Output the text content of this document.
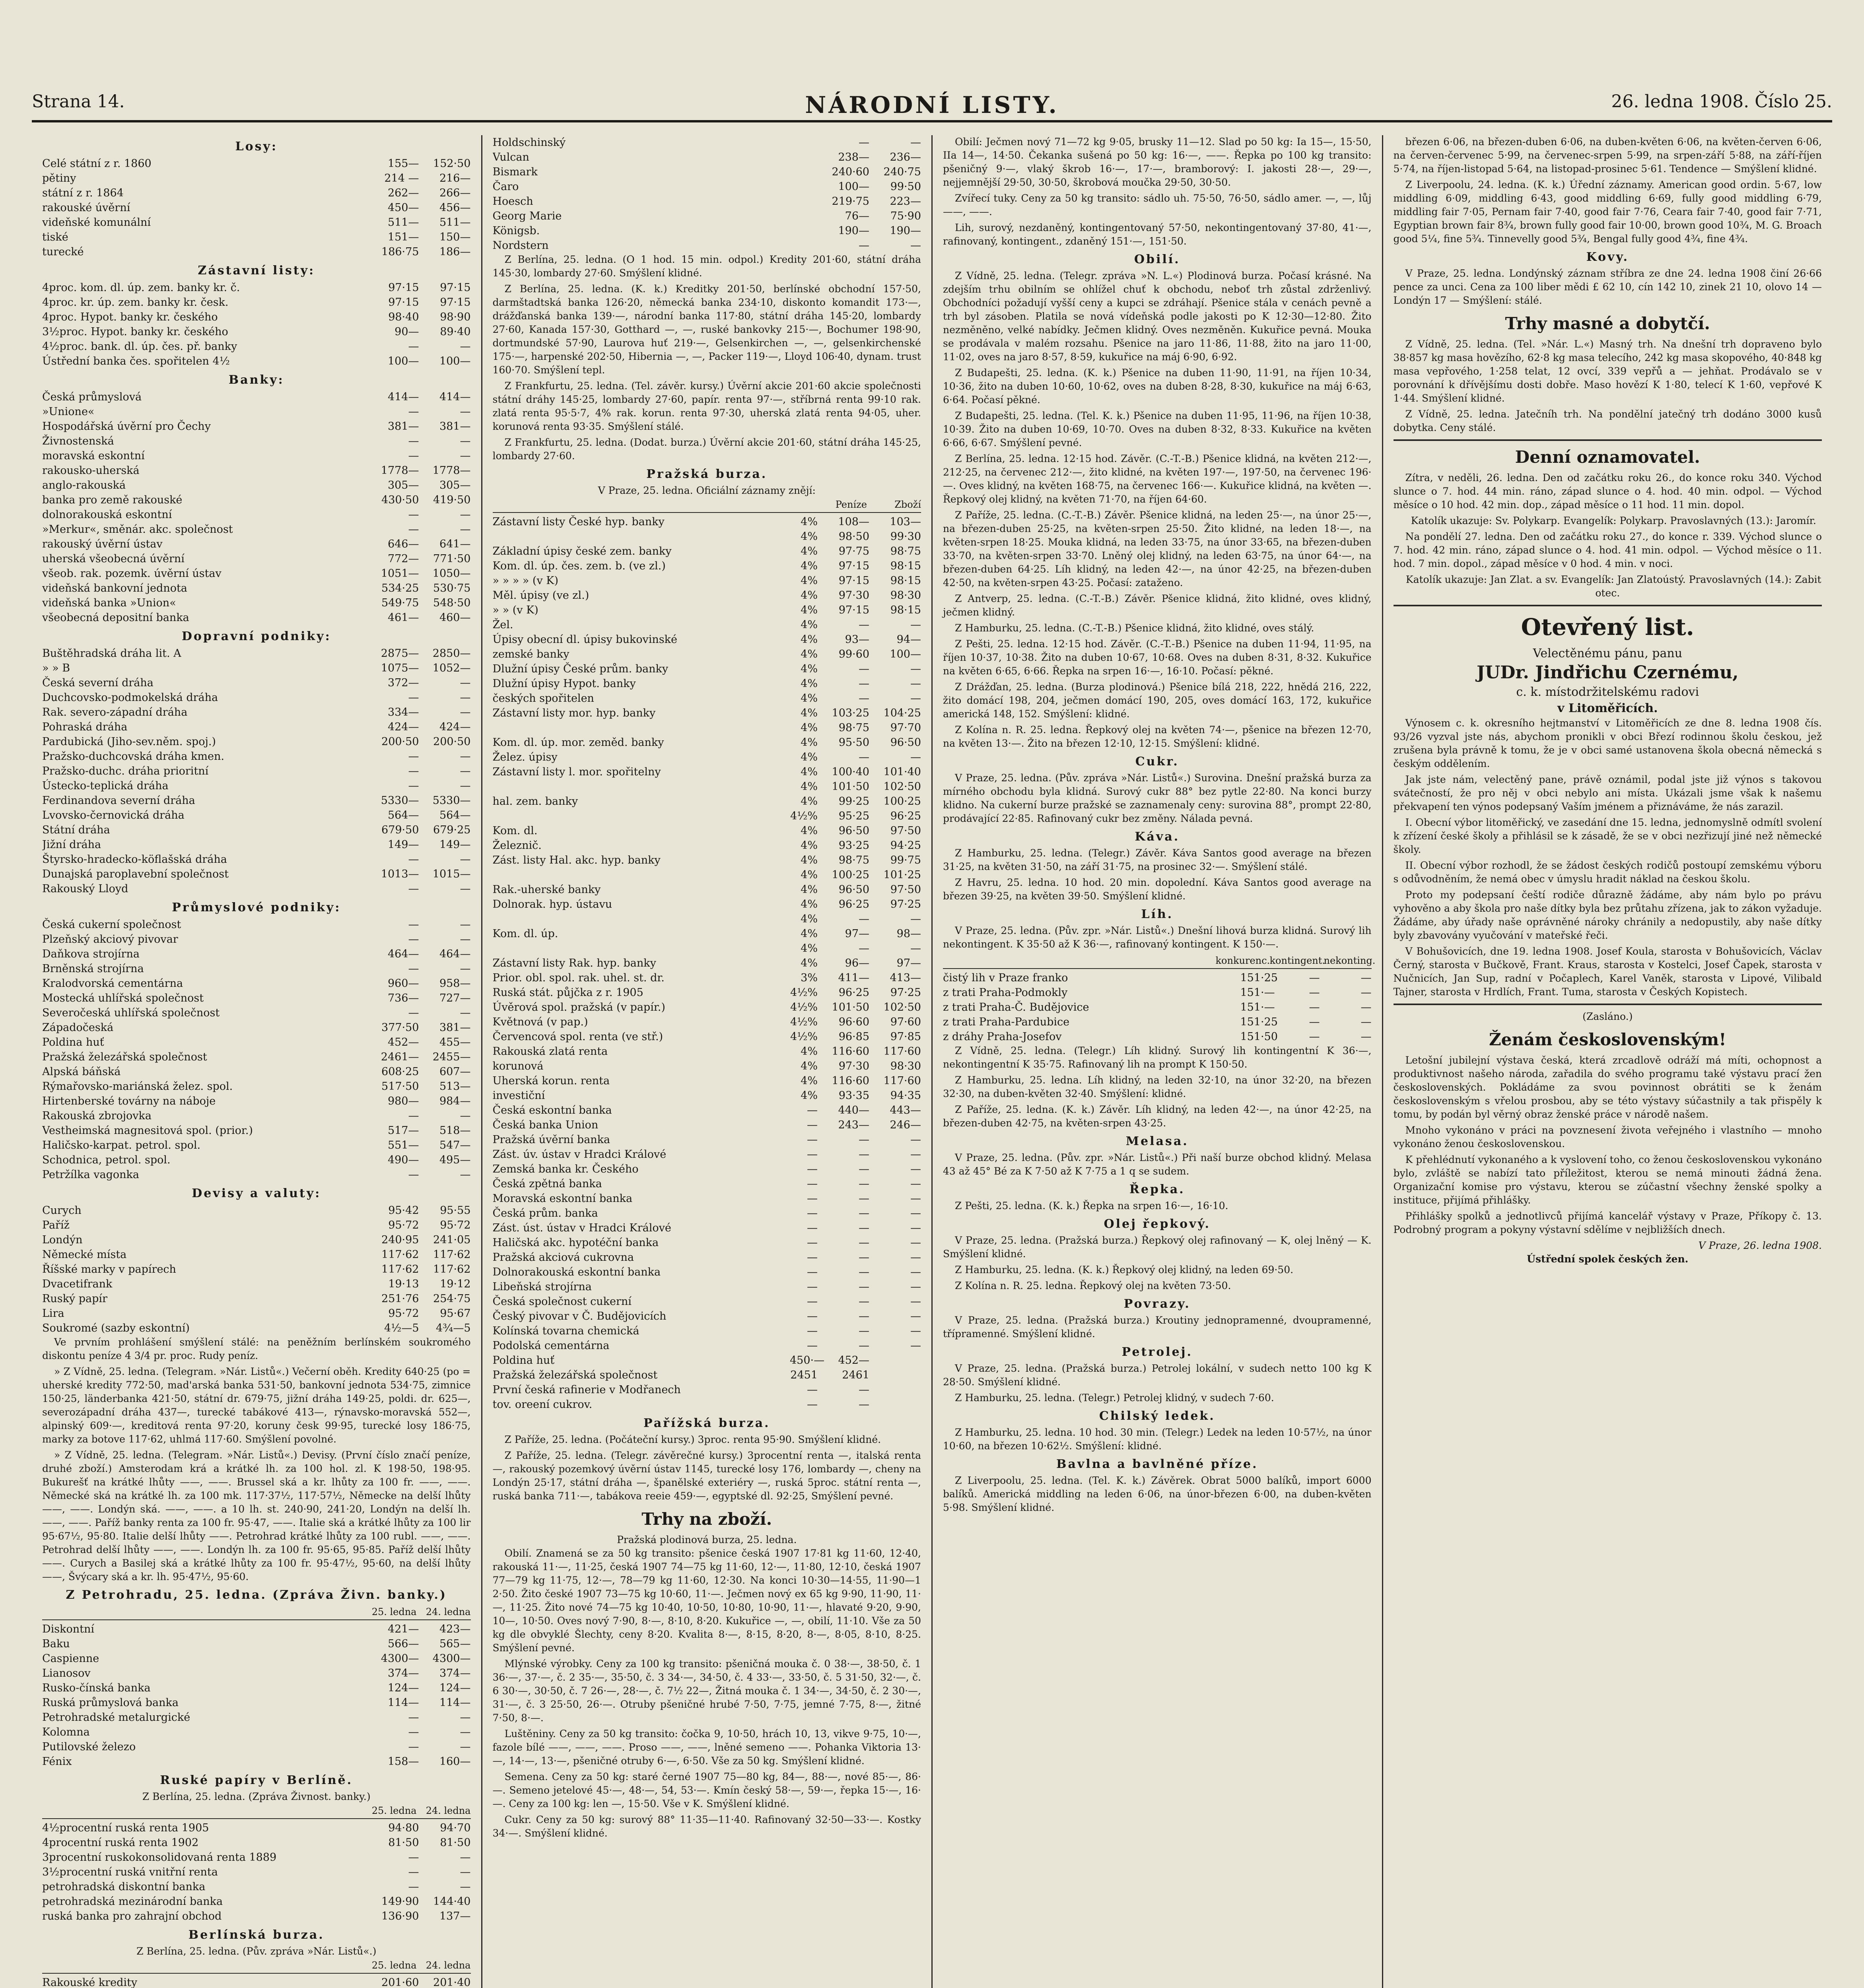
Strana 14.	NÁRODNÍ LISTY.	26. ledna 1908. Číslo 25.
Losy:
Celé státní z r. 1860	155—	152·50
pětiny	214 —	216—
státní z r. 1864	262—	266—
rakouské úvěrní	450—	456—
videňské komunální	511—	511—
tiské	151—	150—
turecké	186·75	186—
Zástavní listy:
4proc. kom. dl. úp. zem. banky kr. č.	97·15	97·15
4proc. kr. úp. zem. banky kr. česk.	97·15	97·15
4proc. Hypot. banky kr. českého	98·40	98·90
3½proc. Hypot. banky kr. českého	90—	89·40
4½proc. bank. dl. úp. čes. př. banky	—	—
Ústřední banka čes. spořitelen 4½	100—	100—
Banky:
Česká průmyslová	414—	414—
»Unione«	—	—
Hospodářská úvěrní pro Čechy	381—	381—
Živnostenská	—	—
moravská eskontní	—	—
rakousko-uherská	1778—	1778—
anglo-rakouská	305—	305—
banka pro země rakouské	430·50	419·50
dolnorakouská eskontní	—	—
»Merkur«, směnár. akc. společnost	—	—
rakouský úvěrní ústav	646—	641—
uherská všeobecná úvěrní	772—	771·50
všeob. rak. pozemk. úvěrní ústav	1051—	1050—
videňská bankovní jednota	534·25	530·75
videňská banka »Union«	549·75	548·50
všeobecná depositní banka	461—	460—
Dopravní podniky:
Buštěhradská dráha lit. A	2875—	2850—
» » B	1075—	1052—
Česká severní dráha	372—	—
Duchcovsko-podmokelská dráha	—	—
Rak. severo-západní dráha	334—	—
Pohraská dráha	424—	424—
Pardubická (Jiho-sev.něm. spoj.)	200·50	200·50
Pražsko-duchcovská dráha kmen.	—	—
Pražsko-duchc. dráha prioritní	—	—
Ústecko-teplická dráha	—	—
Ferdinandova severní dráha	5330—	5330—
Lvovsko-černovická dráha	564—	564—
Státní dráha	679·50	679·25
Jižní dráha	149—	149—
Štyrsko-hradecko-köflašská dráha	—	—
Dunajská paroplavební společnost	1013—	1015—
Rakouský Lloyd	—	—
Průmyslové podniky:
Česká cukerní společnost	—	—
Plzeňský akciový pivovar	—	—
Daňkova strojírna	464—	464—
Brněnská strojírna	—	—
Kralodvorská cementárna	960—	958—
Mostecká uhlířská společnost	736—	727—
Severočeská uhlířská společnost	—	—
Západočeská	377·50	381—
Poldina huť	452—	455—
Pražská železářská společnost	2461—	2455—
Alpská báňská	608·25	607—
Rýmařovsko-mariánská želez. spol.	517·50	513—
Hirtenberské továrny na náboje	980—	984—
Rakouská zbrojovka	—	—
Vestheimská magnesitová spol. (prior.)	517—	518—
Haličsko-karpat. petrol. spol.	551—	547—
Schodnica, petrol. spol.	490—	495—
Petržílka vagonka	—	—
Devisy a valuty:
Curych	95·42	95·55
Paříž	95·72	95·72
Londýn	240·95	241·05
Německé místa	117·62	117·62
Říšské marky v papírech	117·62	117·62
Dvacetifrank	19·13	19·12
Ruský papír	251·76	254·75
Lira	95·72	95·67
Soukromé (sazby eskontní)	4½—5	4¾—5

Ve prvním prohlášení smýšlení stálé: na peněžním berlínském soukromého diskontu peníze 4 3/4 pr. proc. Rudy peníz.

» Z Vídně, 25. ledna. (Telegram. »Nár. Listů«.) Večerní oběh. Kredity 640·25 (po = uherské kredity 772·50, mad'arská banka 531·50, bankovní jednota 534·75, zimnice 150·25, länderbanka 421·50, státní dr. 679·75, jižní dráha 149·25, poldi. dr. 625—, severozápadní dráha 437—, turecké tabákové 413—, rýnavsko-moravská 552—, alpinský 609·—, kreditová renta 97·20, koruny česk 99·95, turecké losy 186·75, marky za botove 117·62, uhlmá 117·60. Smýšlení povolné.

» Z Vídně, 25. ledna. (Telegram. »Nár. Listů«.) Devisy. (První číslo značí peníze, druhé zboží.) Amsterodam krá a krátké lh. za 100 hol. zl. K 198·50, 198·95. Bukurešť na krátké lhůty ——, ——. Brussel ská a kr. lhůty za 100 fr. ——, ——. Německé ská na krátké lh. za 100 mk. 117·37½, 117·57½, Německe na delší lhůty ——, ——. Londýn ská. ——, ——. a 10 lh. st. 240·90, 241·20, Londýn na delší lh. ——, ——. Paříž banky renta za 100 fr. 95·47, ——. Italie ská a krátké lhůty za 100 lir 95·67½, 95·80. Italie delší lhůty ——. Petrohrad krátké lhůty za 100 rubl. ——, ——. Petrohrad delší lhůty ——, ——. Londýn lh. za 100 fr. 95·65, 95·85. Paříž delší lhůty ——. Curych a Basilej ská a krátké lhůty za 100 fr. 95·47½, 95·60, na delší lhůty ——, Švýcary ská a kr. lh. 95·47½, 95·60.

Z Petrohradu, 25. ledna. (Zpráva Živn. banky.)
25. ledna 24. ledna
Diskontní	421—	423—
Baku	566—	565—
Caspienne	4300—	4300—
Lianosov	374—	374—
Rusko-čínská banka	124—	124—
Ruská průmyslová banka	114—	114—
Petrohradské metalurgické	—	—
Kolomna	—	—
Putilovské železo	—	—
Fénix	158—	160—
Ruské papíry v Berlíně.
Z Berlína, 25. ledna. (Zpráva Živnost. banky.)
25. ledna 24. ledna
4½procentní ruská renta 1905	94·80	94·70
4procentní ruská renta 1902	81·50	81·50
3procentní ruskokonsolidovaná renta 1889	—	—
3½procentní ruská vnitřní renta	—	—
petrohradská diskontní banka	—	—
petrohradská mezinárodní banka	149·90	144·40
ruská banka pro zahrajní obchod	136·90	137—
Berlínská burza.
Z Berlína, 25. ledna. (Pův. zpráva »Nár. Listů«.)
25. ledna 24. ledna
Rakouské kredity	201·60	201·40
Holdschinský	—	—
Vulcan	238—	236—
Bismark	240·60	240·75
Čaro	100—	99·50
Hoesch	219·75	223—
Georg Marie	76—	75·90
Königsb.	190—	190—
Nordstern	—	—

Z Berlína, 25. ledna. (O 1 hod. 15 min. odpol.) Kredity 201·60, státní dráha 145·30, lombardy 27·60. Smýšlení klidné.

Z Berlína, 25. ledna. (K. k.) Kreditky 201·50, berlínské obchodní 157·50, darmštadtská banka 126·20, německá banka 234·10, diskonto komandit 173·—, drážďanská banka 139·—, národní banka 117·80, státní dráha 145·20, lombardy 27·60, Kanada 157·30, Gotthard —, —, ruské bankovky 215·—, Bochumer 198·90, dortmundské 57·90, Laurova huť 219·—, Gelsenkirchen —, —, gelsenkirchenské 175·—, harpenské 202·50, Hibernia —, —, Packer 119·—, Lloyd 106·40, dynam. trust 160·70. Smýšlení tepl.

Z Frankfurtu, 25. ledna. (Tel. závěr. kursy.) Úvěrní akcie 201·60 akcie společnosti státní dráhy 145·25, lombardy 27·60, papír. renta 97·—, stříbrná renta 99·10 rak. zlatá renta 95·5·7, 4% rak. korun. renta 97·30, uherská zlatá renta 94·05, uher. korunová renta 93·35. Smýšlení stálé.

Z Frankfurtu, 25. ledna. (Dodat. burza.) Úvěrní akcie 201·60, státní dráha 145·25, lombardy 27·60.

Pražská burza.
V Praze, 25. ledna. Oficiální záznamy znějí:
Peníze	Zboží
Zástavní listy České hyp. banky	4%	108—	103—
4%	98·50	99·30
Základní úpisy české zem. banky	4%	97·75	98·75
Kom. dl. úp. čes. zem. b. (ve zl.)	4%	97·15	98·15
» » » » (v K)	4%	97·15	98·15
Měl. úpisy (ve zl.)	4%	97·30	98·30
» » (v K)	4%	97·15	98·15
Žel.	4%	—	—
Úpisy obecní dl. úpisy bukovinské	4%	93—	94—
zemské banky	4%	99·60	100—
Dlužní úpisy České prům. banky	4%	—	—
Dlužní úpisy Hypot. banky	4%	—	—
českých spořitelen	4%	—	—
Zástavní listy mor. hyp. banky	4%	103·25	104·25
4%	98·75	97·70
Kom. dl. úp. mor. zeměd. banky	4%	95·50	96·50
Želez. úpisy	4%	—	—
Zástavní listy l. mor. spořitelny	4%	100·40	101·40
4%	101·50	102·50
hal. zem. banky	4%	99·25	100·25
4½%	95·25	96·25
Kom. dl.	4%	96·50	97·50
Železnič.	4%	93·25	94·25
Zást. listy Hal. akc. hyp. banky	4%	98·75	99·75
4%	100·25	101·25
Rak.-uherské banky	4%	96·50	97·50
Dolnorak. hyp. ústavu	4%	96·25	97·25
4%	—	—
Kom. dl. úp.	4%	97—	98—
4%	—	—
Zástavní listy Rak. hyp. banky	4%	96—	97—
Prior. obl. spol. rak. uhel. st. dr.	3%	411—	413—
Ruská stát. půjčka z r. 1905	4½%	96·25	97·25
Úvěrová spol. pražská (v papír.)	4½%	101·50	102·50
Květnová (v pap.)	4½%	96·60	97·60
Červencová spol. renta (ve stř.)	4½%	96·85	97·85
Rakouská zlatá renta	4%	116·60	117·60
korunová	4%	97·30	98·30
Uherská korun. renta	4%	116·60	117·60
investiční	4%	93·35	94·35
Česká eskontní banka	—	440—	443—
Česká banka Union	—	243—	246—
Pražská úvěrní banka	—	—	—
Zást. úv. ústav v Hradci Králové	—	—	—
Zemská banka kr. Českého	—	—	—
Česká zpětná banka	—	—	—
Moravská eskontní banka	—	—	—
Česká prům. banka	—	—	—
Zást. úst. ústav v Hradci Králové	—	—	—
Haličská akc. hypotéční banka	—	—	—
Pražská akciová cukrovna	—	—	—
Dolnorakouská eskontní banka	—	—	—
Libeňská strojírna	—	—	—
Česká společnost cukerní	—	—	—
Český pivovar v Č. Budějovicích	—	—	—
Kolínská tovarna chemická	—	—	—
Podolská cementárna	—	—	—
Poldina huť	450·—	452—
Pražská železářská společnost	2451	2461
První česká rafinerie v Modřanech	—	—
tov. oreení cukrov.	—	—
Pařížská burza.

Z Paříže, 25. ledna. (Počáteční kursy.) 3proc. renta 95·90. Smýšlení klidné.

Z Paříže, 25. ledna. (Telegr. závěrečné kursy.) 3procentní renta —, italská renta —, rakouský pozemkový úvěrní ústav 1145, turecké losy 176, lombardy —, cheny na Londýn 25·17, státní dráha —, španělské exteriéry —, ruská 5proc. státní renta —, ruská banka 711·—, tabákova reeie 459·—, egyptské dl. 92·25, Smýšlení pevné.

Trhy na zboží.
Pražská plodinová burza, 25. ledna.

Obilí. Znamená se za 50 kg transito: pšenice česká 1907 17·81 kg 11·60, 12·40, rakouská 11·—, 11·25, česká 1907 74—75 kg 11·60, 12·—, 11·80, 12·10, česká 1907 77—79 kg 11·75, 12·—, 78—79 kg 11·60, 12·30. Na konci 10·30—14·55, 11·90—1 2·50. Žito české 1907 73—75 kg 10·60, 11·—. Ječmen nový ex 65 kg 9·90, 11·90, 11·—, 11·25. Žito nové 74—75 kg 10·40, 10·50, 10·80, 10·90, 11·—, hlavaté 9·20, 9·90, 10—, 10·50. Oves nový 7·90, 8·—, 8·10, 8·20. Kukuřice —, —, obilí, 11·10. Vše za 50 kg dle obvyklé Šlechty, ceny 8·20. Kvalita 8·—, 8·15, 8·20, 8·—, 8·05, 8·10, 8·25. Smýšlení pevné.

Mlýnské výrobky. Ceny za 100 kg transito: pšeničná mouka č. 0 38·—, 38·50, č. 1 36·—, 37·—, č. 2 35·—, 35·50, č. 3 34·—, 34·50, č. 4 33·—, 33·50, č. 5 31·50, 32·—, č. 6 30·—, 30·50, č. 7 26·—, 28·—, č. 7½ 22—, Žitná mouka č. 1 34·—, 34·50, č. 2 30·—, 31·—, č. 3 25·50, 26·—. Otruby pšeničné hrubé 7·50, 7·75, jemné 7·75, 8·—, žitné 7·50, 8·—.

Luštěniny. Ceny za 50 kg transito: čočka 9, 10·50, hrách 10, 13, vikve 9·75, 10·—, fazole bílé ——, ——, ——. Proso ——, ——, lněné semeno ——. Pohanka Viktoria 13·—, 14·—, 13·—, pšeničné otruby 6·—, 6·50. Vše za 50 kg. Smýšlení klidné.

Semena. Ceny za 50 kg: staré černé 1907 75—80 kg, 84—, 88·—, nové 85·—, 86·—. Semeno jetelové 45·—, 48·—, 54, 53·—. Kmín český 58·—, 59·—, řepka 15·—, 16·—. Ceny za 100 kg: len —, 15·50. Vše v K. Smýšlení klidné.

Cukr. Ceny za 50 kg: surový 88° 11·35—11·40. Rafinovaný 32·50—33·—. Kostky 34·—. Smýšlení klidné.

Obilí: Ječmen nový 71—72 kg 9·05, brusky 11—12. Slad po 50 kg: Ia 15—, 15·50, IIa 14—, 14·50. Čekanka sušená po 50 kg: 16·—, ——. Řepka po 100 kg transito: pšeničný 9·—, vlaký škrob 16·—, 17·—, bramborový: I. jakosti 28·—, 29·—, nejjemnější 29·50, 30·50, škrobová moučka 29·50, 30·50.

Zvířecí tuky. Ceny za 50 kg transito: sádlo uh. 75·50, 76·50, sádlo amer. —, —, lůj ——, ——.

Lih, surový, nezdaněný, kontingentovaný 57·50, nekontingentovaný 37·80, 41·—, rafinovaný, kontingent., zdaněný 151·—, 151·50.

Obilí.

Z Vídně, 25. ledna. (Telegr. zpráva »N. L.«) Plodinová burza. Počasí krásné. Na zdejším trhu obilním se ohlížel chuť k obchodu, neboť trh zůstal zdrženlivý. Obchodníci požadují vyšší ceny a kupci se zdráhají. Pšenice stála v cenách pevně a trh byl zásoben. Platila se nová vídeňská podle jakosti po K 12·30—12·80. Žito nezměněno, velké nabídky. Ječmen klidný. Oves nezměněn. Kukuřice pevná. Mouka se prodávala v malém rozsahu. Pšenice na jaro 11·86, 11·88, žito na jaro 11·00, 11·02, oves na jaro 8·57, 8·59, kukuřice na máj 6·90, 6·92.

Z Budapešti, 25. ledna. (K. k.) Pšenice na duben 11·90, 11·91, na říjen 10·34, 10·36, žito na duben 10·60, 10·62, oves na duben 8·28, 8·30, kukuřice na máj 6·63, 6·64. Počasí pěkné.

Z Budapešti, 25. ledna. (Tel. K. k.) Pšenice na duben 11·95, 11·96, na říjen 10·38, 10·39. Žito na duben 10·69, 10·70. Oves na duben 8·32, 8·33. Kukuřice na květen 6·66, 6·67. Smýšlení pevné.

Z Berlína, 25. ledna. 12·15 hod. Závěr. (C.-T.-B.) Pšenice klidná, na květen 212·—, 212·25, na červenec 212·—, žito klidné, na květen 197·—, 197·50, na červenec 196·—. Oves klidný, na květen 168·75, na červenec 166·—. Kukuřice klidná, na květen —. Řepkový olej klidný, na květen 71·70, na říjen 64·60.

Z Paříže, 25. ledna. (C.-T.-B.) Závěr. Pšenice klidná, na leden 25·—, na únor 25·—, na březen-duben 25·25, na květen-srpen 25·50. Žito klidné, na leden 18·—, na květen-srpen 18·25. Mouka klidná, na leden 33·75, na únor 33·65, na březen-duben 33·70, na květen-srpen 33·70. Lněný olej klidný, na leden 63·75, na únor 64·—, na březen-duben 64·25. Líh klidný, na leden 42·—, na únor 42·25, na březen-duben 42·50, na květen-srpen 43·25. Počasí: zataženo.

Z Antverp, 25. ledna. (C.-T.-B.) Závěr. Pšenice klidná, žito klidné, oves klidný, ječmen klidný.

Z Hamburku, 25. ledna. (C.-T.-B.) Pšenice klidná, žito klidné, oves stálý.

Z Pešti, 25. ledna. 12·15 hod. Závěr. (C.-T.-B.) Pšenice na duben 11·94, 11·95, na říjen 10·37, 10·38. Žito na duben 10·67, 10·68. Oves na duben 8·31, 8·32. Kukuřice na květen 6·65, 6·66. Řepka na srpen 16·—, 16·10. Počasí: pěkné.

Z Drážďan, 25. ledna. (Burza plodinová.) Pšenice bílá 218, 222, hnědá 216, 222, žito domácí 198, 204, ječmen domácí 190, 205, oves domácí 163, 172, kukuřice americká 148, 152. Smýšlení: klidné.

Z Kolína n. R. 25. ledna. Řepkový olej na květen 74·—, pšenice na březen 12·70, na květen 13·—. Žito na březen 12·10, 12·15. Smýšlení: klidné.

Cukr.

V Praze, 25. ledna. (Pův. zpráva »Nár. Listů«.) Surovina. Dnešní pražská burza za mírného obchodu byla klidná. Surový cukr 88° bez pytle 22·80. Na konci burzy klidno. Na cukerní burze pražské se zaznamenaly ceny: surovina 88°, prompt 22·80, prodávající 22·85. Rafinovaný cukr bez změny. Nálada pevná.

Káva.

Z Hamburku, 25. ledna. (Telegr.) Závěr. Káva Santos good average na březen 31·25, na květen 31·50, na září 31·75, na prosinec 32·—. Smýšlení stálé.

Z Havru, 25. ledna. 10 hod. 20 min. dopolední. Káva Santos good average na březen 39·25, na květen 39·50. Smýšlení klidné.

Líh.

V Praze, 25. ledna. (Pův. zpr. »Nár. Listů«.) Dnešní lihová burza klidná. Surový lih nekontingent. K 35·50 až K 36·—, rafinovaný kontingent. K 150·—.

konkurenc. kontingent.
nekonting.
čistý lih v Praze franko	151·25	—	—
z trati Praha-Podmokly	151·—	—	—
z trati Praha-Č. Budějovice	151·—	—	—
z trati Praha-Pardubice	151·25	—	—
z dráhy Praha-Josefov	151·50	—	—

Z Vídně, 25. ledna. (Telegr.) Líh klidný. Surový lih kontingentní K 36·—, nekontingentní K 35·75. Rafinovaný lih na prompt K 150·50.

Z Hamburku, 25. ledna. Líh klidný, na leden 32·10, na únor 32·20, na březen 32·30, na duben-květen 32·40. Smýšlení: klidné.

Z Paříže, 25. ledna. (K. k.) Závěr. Líh klidný, na leden 42·—, na únor 42·25, na březen-duben 42·75, na květen-srpen 43·25.

Melasa.

V Praze, 25. ledna. (Pův. zpr. »Nár. Listů«.) Při naší burze obchod klidný. Melasa 43 až 45° Bé za K 7·50 až K 7·75 a 1 q se sudem.

Řepka.

Z Pešti, 25. ledna. (K. k.) Řepka na srpen 16·—, 16·10.

Olej řepkový.

V Praze, 25. ledna. (Pražská burza.) Řepkový olej rafinovaný — K, olej lněný — K. Smýšlení klidné.

Z Hamburku, 25. ledna. (K. k.) Řepkový olej klidný, na leden 69·50.

Z Kolína n. R. 25. ledna. Řepkový olej na květen 73·50.

Povrazy.

V Praze, 25. ledna. (Pražská burza.) Kroutiny jednopramenné, dvoupramenné, třípramenné. Smýšlení klidné.

Petrolej.

V Praze, 25. ledna. (Pražská burza.) Petrolej lokální, v sudech netto 100 kg K 28·50. Smýšlení klidné.

Z Hamburku, 25. ledna. (Telegr.) Petrolej klidný, v sudech 7·60.

Chilský ledek.

Z Hamburku, 25. ledna. 10 hod. 30 min. (Telegr.) Ledek na leden 10·57½, na únor 10·60, na březen 10·62½. Smýšlení: klidné.

Bavlna a bavlněné příze.

Z Liverpoolu, 25. ledna. (Tel. K. k.) Závěrek. Obrat 5000 balíků, import 6000 balíků. Americká middling na leden 6·06, na únor-březen 6·00, na duben-květen 5·98. Smýšlení klidné.

březen 6·06, na březen-duben 6·06, na duben-květen 6·06, na květen-červen 6·06, na červen-červenec 5·99, na červenec-srpen 5·99, na srpen-září 5·88, na září-říjen 5·74, na říjen-listopad 5·64, na listopad-prosinec 5·61. Tendence — Smýšlení klidné.

Z Liverpoolu, 24. ledna. (K. k.) Úřední záznamy. American good ordin. 5·67, low middling 6·09, middling 6·43, good middling 6·69, fully good middling 6·79, middling fair 7·05, Pernam fair 7·40, good fair 7·76, Ceara fair 7·40, good fair 7·71, Egyptian brown fair 8¾, brown fully good fair 10·00, brown good 10¾, M. G. Broach good 5¼, fine 5¾. Tinnevelly good 5¾, Bengal fully good 4¾, fine 4¾.

Kovy.

V Praze, 25. ledna. Londýnský záznam stříbra ze dne 24. ledna 1908 činí 26·66 pence za unci. Cena za 100 liber mědi £ 62 10, cín 142 10, zinek 21 10, olovo 14 — Londýn 17 — Smýšlení: stálé.

Trhy masné a dobytčí.

Z Vídně, 25. ledna. (Tel. »Nár. L.«) Masný trh. Na dnešní trh dopraveno bylo 38·857 kg masa hovězího, 62·8 kg masa telecího, 242 kg masa skopového, 40·848 kg masa vepřového, 1·258 telat, 12 ovcí, 339 vepřů a — jehňat. Prodávalo se v porovnání k dřívějšímu dosti dobře. Maso hovězí K 1·80, telecí K 1·60, vepřové K 1·44. Smýšlení klidné.

Z Vídně, 25. ledna. Jatečníh trh. Na pondělní jatečný trh dodáno 3000 kusů dobytka. Ceny stálé.

Denní oznamovatel.

Zítra, v neděli, 26. ledna. Den od začátku roku 26., do konce roku 340. Východ slunce o 7. hod. 44 min. ráno, západ slunce o 4. hod. 40 min. odpol. — Východ měsíce o 10 hod. 42 min. dop., západ měsíce o 11 hod. 11 min. dopol.

Katolík ukazuje: Sv. Polykarp. Evangelík: Polykarp. Pravoslavných (13.): Jaromír.

Na pondělí 27. ledna. Den od začátku roku 27., do konce r. 339. Východ slunce o 7. hod. 42 min. ráno, západ slunce o 4. hod. 41 min. odpol. — Východ měsíce o 11. hod. 7 min. dopol., západ měsíce v 0 hod. 4 min. v noci.

Katolík ukazuje: Jan Zlat. a sv. Evangelík: Jan Zlatoústý. Pravoslavných (14.): Zabit otec.

Otevřený list.
Velectěnému pánu, panu
JUDr. Jindřichu Czernému,
c. k. místodržitelskému radovi
v Litoměřicích.

Výnosem c. k. okresního hejtmanství v Litoměřicích ze dne 8. ledna 1908 čís. 93/26 vyzval jste nás, abychom pronikli v obci Březí rodinnou školu českou, jež zrušena byla právně k tomu, že je v obci samé ustanovena škola obecná německá s českým oddělením.

Jak jste nám, velectěný pane, právě oznámil, podal jste již výnos s takovou svátečností, že pro něj v obci nebylo ani místa. Ukázali jsme však k našemu překvapení ten výnos podepsaný Vaším jménem a přiznáváme, že nás zarazil.

I. Obecní výbor litoměřický, ve zasedání dne 15. ledna, jednomyslně odmítl svolení k zřízení české školy a přihlásil se k zásadě, že se v obci nezřizují jiné než německé školy.

II. Obecní výbor rozhodl, že se žádost českých rodičů postoupí zemskému výboru s odůvodněním, že nemá obec v úmyslu hradit náklad na českou školu.

Proto my podepsaní čeští rodiče důrazně žádáme, aby nám bylo po právu vyhověno a aby škola pro naše dítky byla bez průtahu zřízena, jak to zákon vyžaduje. Žádáme, aby úřady naše oprávněné nároky chránily a nedopustily, aby naše dítky byly zbavovány vyučování v mateřské řeči.

V Bohušovicích, dne 19. ledna 1908. Josef Koula, starosta v Bohušovicích, Václav Černý, starosta v Bučkově, Frant. Kraus, starosta v Kostelci, Josef Čapek, starosta v Nučnicích, Jan Sup, radní v Počaplech, Karel Vaněk, starosta v Lipové, Vilibald Tajner, starosta v Hrdlích, Frant. Tuma, starosta v Českých Kopistech.

(Zasláno.)
Ženám československým!

Letošní jubilejní výstava česká, která zrcadlově odráží má míti, ochopnost a produktivnost našeho národa, zařadila do svého programu také výstavu prací žen československých. Pokládáme za svou povinnost obrátiti se k ženám československým s vřelou prosbou, aby se této výstavy súčastnily a tak přispěly k tomu, by podán byl věrný obraz ženské práce v národě našem.

Mnoho vykonáno v práci na povznesení života veřejného i vlastního — mnoho vykonáno ženou československou.

K přehlédnutí vykonaného a k vyslovení toho, co ženou československou vykonáno bylo, zvláště se nabízí tato příležitost, kterou se nemá minouti žádná žena. Organizační komise pro výstavu, kterou se zúčastní všechny ženské spolky a instituce, přijímá přihlášky.

Přihlášky spolků a jednotlivců přijímá kancelář výstavy v Praze, Příkopy č. 13. Podrobný program a pokyny výstavní sdělíme v nejbližších dnech.

V Praze, 26. ledna 1908.
Ústřední spolek českých žen.
